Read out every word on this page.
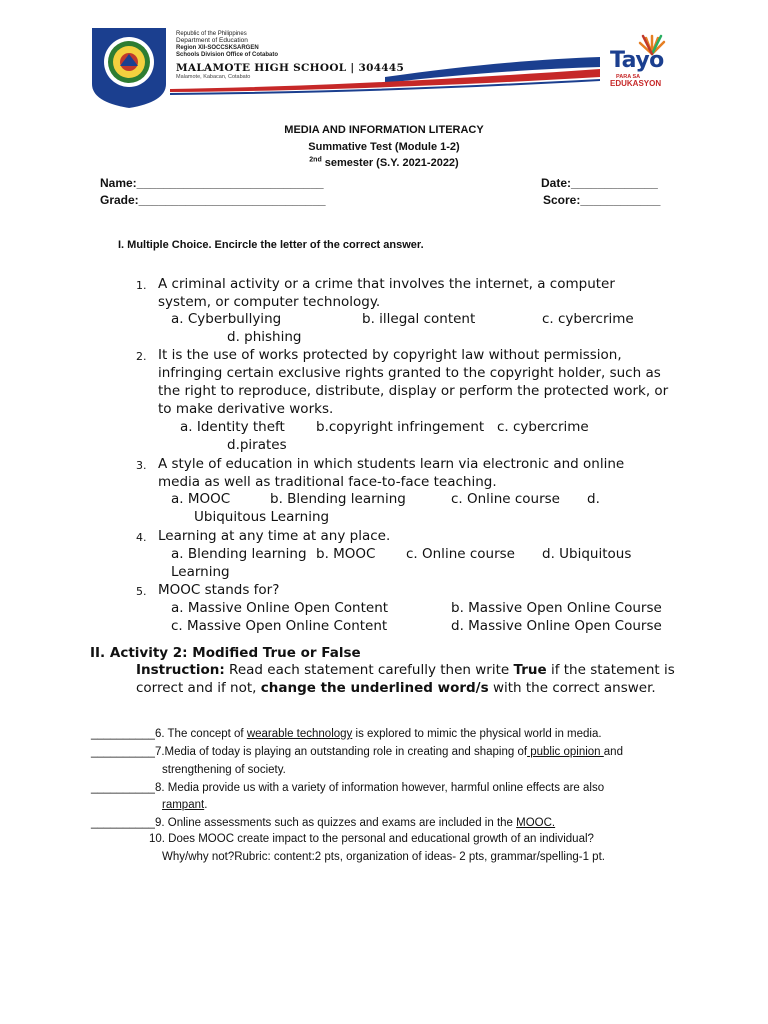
Republic of the Philippines
Department of Education
Region XII-SOCCSKSARGEN
Schools Division Office of Cotabato
MALAMOTE HIGH SCHOOL | 304445
Malamote, Kabacan, Cotabato
Tayo
PARA SA
EDUKASYON
MEDIA AND INFORMATION LITERACY
Summative Test (Module 1-2)
$^{2nd}$ semester (S.Y. 2021-2022)
Name:____________________________
Grade:____________________________
Date:_____________
Score:____________
I. Multiple Choice. Encircle the letter of the correct answer.
1. A criminal activity or a crime that involves the internet, a computer system, or computer technology.
a. Cyberbullying	b. illegal content	c. cybercrime
d. phishing
2. It is the use of works protected by copyright law without permission, infringing certain exclusive rights granted to the copyright holder, such as the right to reproduce, distribute, display or perform the protected work, or to make derivative works.
a. Identity theft b.copyright infringement c. cybercrime
d.pirates
3. A style of education in which students learn via electronic and online media as well as traditional face-to-face teaching.
a. MOOC	b. Blending learning	c. Online course d.
Ubiquitous Learning
4. Learning at any time at any place.
a. Blending learning b. MOOC c. Online course d. Ubiquitous
Learning
5. MOOC stands for?
a. Massive Online Open Content	b. Massive Open Online Course
c. Massive Open Online Content	d. Massive Online Open Course
II. Activity 2: Modified True or False
Instruction: Read each statement carefully then write True if the statement is correct and if not, change the underlined word/s with the correct answer.
__________6. The concept of wearable technology is explored to mimic the physical world in media.
__________7.Media of today is playing an outstanding role in creating and shaping of public opinion and
strengthening of society.
__________8. Media provide us with a variety of information however, harmful online effects are also
rampant.
__________9. Online assessments such as quizzes and exams are included in the MOOC.
10. Does MOOC create impact to the personal and educational growth of an individual?
Why/why not?Rubric: content:2 pts, organization of ideas- 2 pts, grammar/spelling-1 pt.
